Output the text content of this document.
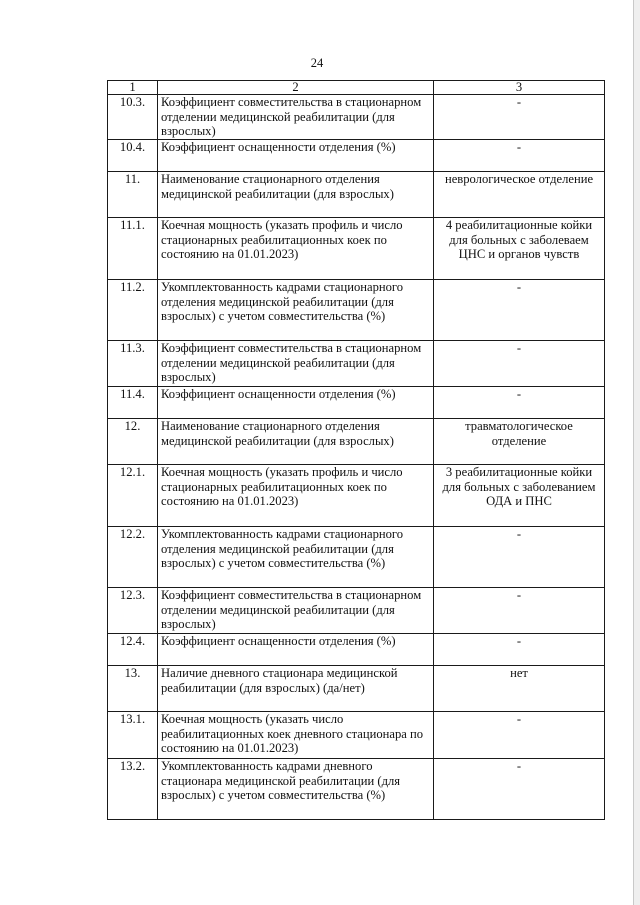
24
1	2	3
10.3.	Коэффициент совместительства в стационарном отделении медицинской реабилитации (для взрослых)	-
10.4.	Коэффициент оснащенности отделения (%)	-
11.	Наименование стационарного отделения медицинской реабилитации (для взрослых)	неврологическое отделение
11.1.	Коечная мощность (указать профиль и число стационарных реабилитационных коек по состоянию на 01.01.2023)	4 реабилитационные койки для больных с заболеваем ЦНС и органов чувств
11.2.	Укомплектованность кадрами стационарного отделения медицинской реабилитации (для взрослых) с учетом совместительства (%)	-
11.3.	Коэффициент совместительства в стационарном отделении медицинской реабилитации (для взрослых)	-
11.4.	Коэффициент оснащенности отделения (%)	-
12.	Наименование стационарного отделения медицинской реабилитации (для взрослых)	травматологическое отделение
12.1.	Коечная мощность (указать профиль и число стационарных реабилитационных коек по состоянию на 01.01.2023)	3 реабилитационные койки для больных с заболеванием ОДА и ПНС
12.2.	Укомплектованность кадрами стационарного отделения медицинской реабилитации (для взрослых) с учетом совместительства (%)	-
12.3.	Коэффициент совместительства в стационарном отделении медицинской реабилитации (для взрослых)	-
12.4.	Коэффициент оснащенности отделения (%)	-
13.	Наличие дневного стационара медицинской реабилитации (для взрослых) (да/нет)	нет
13.1.	Коечная мощность (указать число реабилитационных коек дневного стационара по состоянию на 01.01.2023)	-
13.2.	Укомплектованность кадрами дневного стационара медицинской реабилитации (для взрослых) с учетом совместительства (%)	-
